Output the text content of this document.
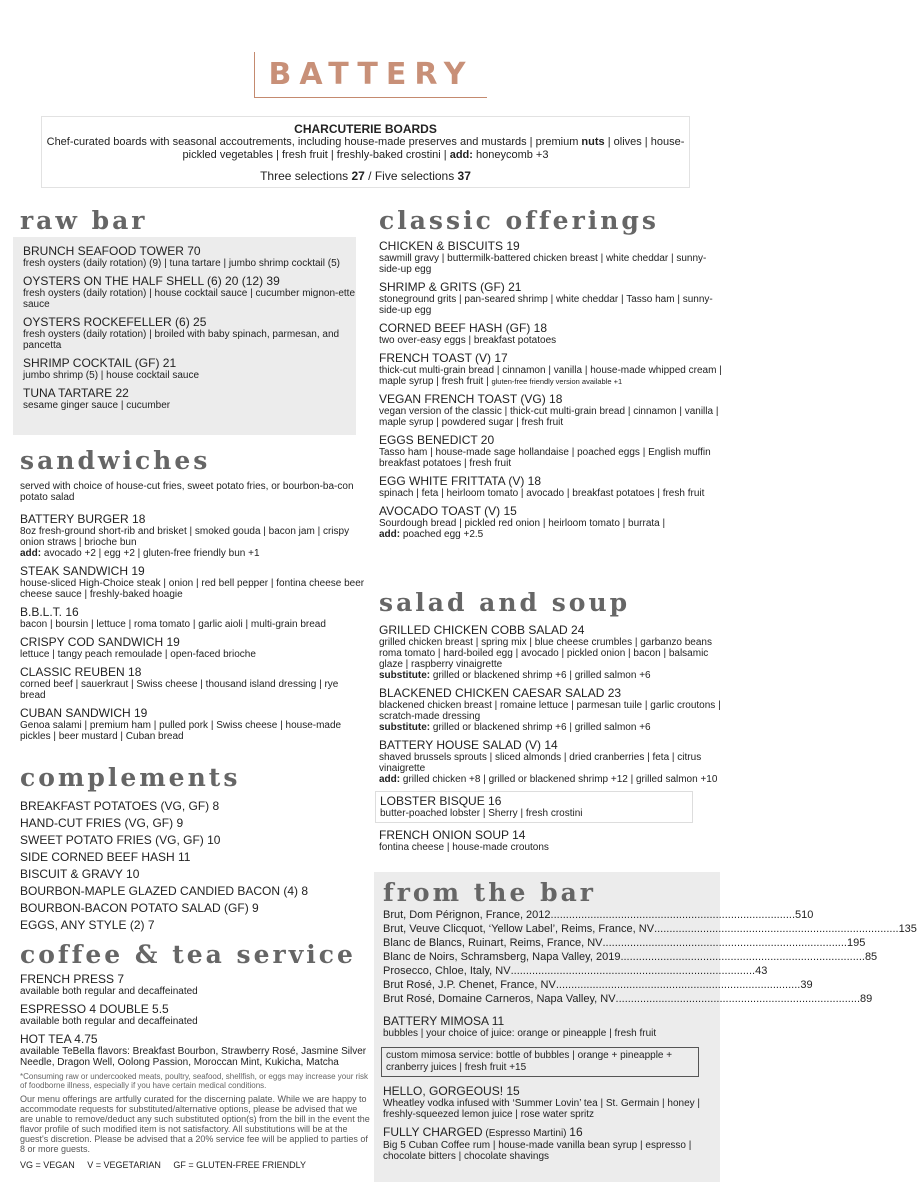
BATTERY
CHARCUTERIE BOARDS
Chef-curated boards with seasonal accoutrements, including house-made preserves and mustards | premium nuts | olives | house-pickled vegetables | fresh fruit | freshly-baked crostini | add: honeycomb +3
Three selections 27 / Five selections 37
raw bar
BRUNCH SEAFOOD TOWER 70
fresh oysters (daily rotation) (9) | tuna tartare | jumbo shrimp cocktail (5)
OYSTERS ON THE HALF SHELL (6) 20 (12) 39
fresh oysters (daily rotation) | house cocktail sauce | cucumber mignon-ette sauce
OYSTERS ROCKEFELLER (6) 25
fresh oysters (daily rotation) | broiled with baby spinach, parmesan, and pancetta
SHRIMP COCKTAIL (GF) 21
jumbo shrimp (5) | house cocktail sauce
TUNA TARTARE 22
sesame ginger sauce | cucumber
sandwiches
served with choice of house-cut fries, sweet potato fries, or bourbon-ba-con potato salad
BATTERY BURGER 18
8oz fresh-ground short-rib and brisket | smoked gouda | bacon jam | crispy onion straws | brioche bun
add: avocado +2 | egg +2 | gluten-free friendly bun +1
STEAK SANDWICH 19
house-sliced High-Choice steak | onion | red bell pepper | fontina cheese beer cheese sauce | freshly-baked hoagie
B.B.L.T. 16
bacon | boursin | lettuce | roma tomato | garlic aioli | multi-grain bread
CRISPY COD SANDWICH 19
lettuce | tangy peach remoulade | open-faced brioche
CLASSIC REUBEN 18
corned beef | sauerkraut | Swiss cheese | thousand island dressing | rye bread
CUBAN SANDWICH 19
Genoa salami | premium ham | pulled pork | Swiss cheese | house-made pickles | beer mustard | Cuban bread
complements
BREAKFAST POTATOES (VG, GF) 8
HAND-CUT FRIES (VG, GF) 9
SWEET POTATO FRIES (VG, GF) 10
SIDE CORNED BEEF HASH 11
BISCUIT & GRAVY 10
BOURBON-MAPLE GLAZED CANDIED BACON (4) 8
BOURBON-BACON POTATO SALAD (GF) 9
EGGS, ANY STYLE (2) 7
coffee & tea service
FRENCH PRESS 7
available both regular and decaffeinated
ESPRESSO 4 DOUBLE 5.5
available both regular and decaffeinated
HOT TEA 4.75
available TeBella flavors: Breakfast Bourbon, Strawberry Rosé, Jasmine Silver Needle, Dragon Well, Oolong Passion, Moroccan Mint, Kukicha, Matcha
*Consuming raw or undercooked meats, poultry, seafood, shellfish, or eggs may increase your risk of foodborne illness, especially if you have certain medical conditions.
Our menu offerings are artfully curated for the discerning palate. While we are happy to accommodate requests for substituted/alternative options, please be advised that we are unable to remove/deduct any such substituted option(s) from the bill in the event the flavor profile of such modified item is not satisfactory. All substitutions will be at the guest's discretion. Please be advised that a 20% service fee will be applied to parties of 8 or more guests.
VG = VEGAN     V = VEGETARIAN     GF = GLUTEN-FREE FRIENDLY
classic offerings
CHICKEN & BISCUITS 19
sawmill gravy | buttermilk-battered chicken breast | white cheddar | sunny-side-up egg
SHRIMP & GRITS (GF) 21
stoneground grits | pan-seared shrimp | white cheddar | Tasso ham | sunny-side-up egg
CORNED BEEF HASH (GF) 18
two over-easy eggs | breakfast potatoes
FRENCH TOAST (V) 17
thick-cut multi-grain bread | cinnamon | vanilla | house-made whipped cream | maple syrup | fresh fruit | gluten-free friendly version available +1
VEGAN FRENCH TOAST (VG) 18
vegan version of the classic | thick-cut multi-grain bread | cinnamon | vanilla | maple syrup | powdered sugar | fresh fruit
EGGS BENEDICT 20
Tasso ham | house-made sage hollandaise | poached eggs | English muffin breakfast potatoes | fresh fruit
EGG WHITE FRITTATA (V) 18
spinach | feta | heirloom tomato | avocado | breakfast potatoes | fresh fruit
AVOCADO TOAST (V) 15
Sourdough bread | pickled red onion | heirloom tomato | burrata |
add: poached egg +2.5
salad and soup
GRILLED CHICKEN COBB SALAD 24
grilled chicken breast | spring mix | blue cheese crumbles | garbanzo beans roma tomato | hard-boiled egg | avocado | pickled onion | bacon | balsamic glaze | raspberry vinaigrette
substitute: grilled or blackened shrimp +6 | grilled salmon +6
BLACKENED CHICKEN CAESAR SALAD 23
blackened chicken breast | romaine lettuce | parmesan tuile | garlic croutons | scratch-made dressing
substitute: grilled or blackened shrimp +6 | grilled salmon +6
BATTERY HOUSE SALAD (V) 14
shaved brussels sprouts | sliced almonds | dried cranberries | feta | citrus vinaigrette
add: grilled chicken +8 | grilled or blackened shrimp +12 | grilled salmon +10
LOBSTER BISQUE 16
butter-poached lobster | Sherry | fresh crostini
FRENCH ONION SOUP 14
fontina cheese | house-made croutons
from the bar
Brut, Dom Pérignon, France, 2012 ................................................................................ 510
Brut, Veuve Clicquot, ‘Yellow Label’, Reims, France, NV ................................................................................ 135
Blanc de Blancs, Ruinart, Reims, France, NV ................................................................................ 195
Blanc de Noirs, Schramsberg, Napa Valley, 2019 ................................................................................ 85
Prosecco, Chloe, Italy, NV ................................................................................ 43
Brut Rosé, J.P. Chenet, France, NV ................................................................................ 39
Brut Rosé, Domaine Carneros, Napa Valley, NV ................................................................................ 89
BATTERY MIMOSA 11
bubbles | your choice of juice: orange or pineapple | fresh fruit
custom mimosa service: bottle of bubbles | orange + pineapple + cranberry juices | fresh fruit +15
HELLO, GORGEOUS! 15
Wheatley vodka infused with ‘Summer Lovin’ tea | St. Germain | honey | freshly-squeezed lemon juice | rose water spritz
FULLY CHARGED (Espresso Martini) 16
Big 5 Cuban Coffee rum | house-made vanilla bean syrup | espresso | chocolate bitters | chocolate shavings
